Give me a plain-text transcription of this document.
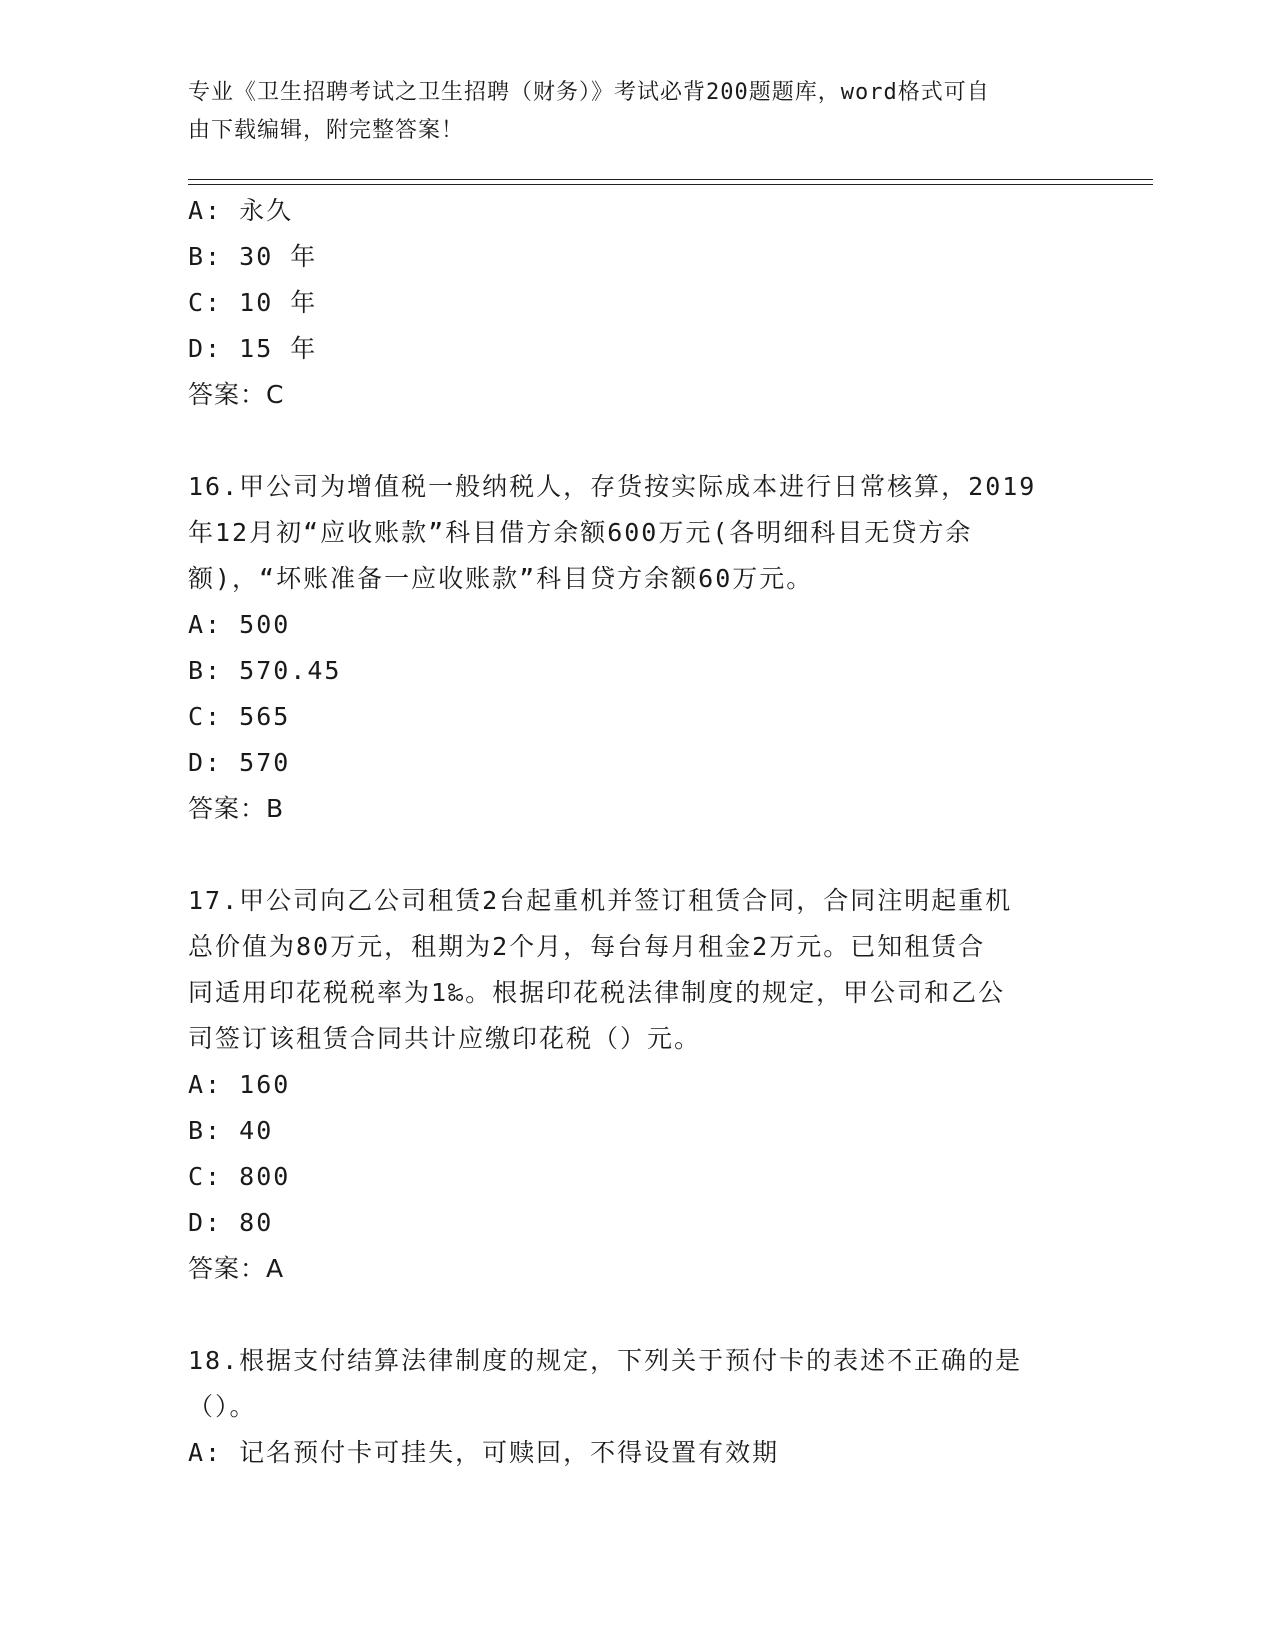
专业《卫生招聘考试之卫生招聘（财务）》考试必背200题题库，word格式可自
由下载编辑，附完整答案！
A: 永久
B: 30 年
C: 10 年
D: 15 年
答案：C
16.甲公司为增值税一般纳税人，存货按实际成本进行日常核算，2019
年12月初“应收账款”科目借方余额600万元(各明细科目无贷方余
额)，“坏账准备一应收账款”科目贷方余额60万元。
A: 500
B: 570.45
C: 565
D: 570
答案：B
17.甲公司向乙公司租赁2台起重机并签订租赁合同，合同注明起重机
总价值为80万元，租期为2个月，每台每月租金2万元。已知租赁合
同适用印花税税率为1‰。根据印花税法律制度的规定，甲公司和乙公
司签订该租赁合同共计应缴印花税（）元。
A: 160
B: 40
C: 800
D: 80
答案：A
18.根据支付结算法律制度的规定，下列关于预付卡的表述不正确的是
（）。
A: 记名预付卡可挂失，可赎回，不得设置有效期
